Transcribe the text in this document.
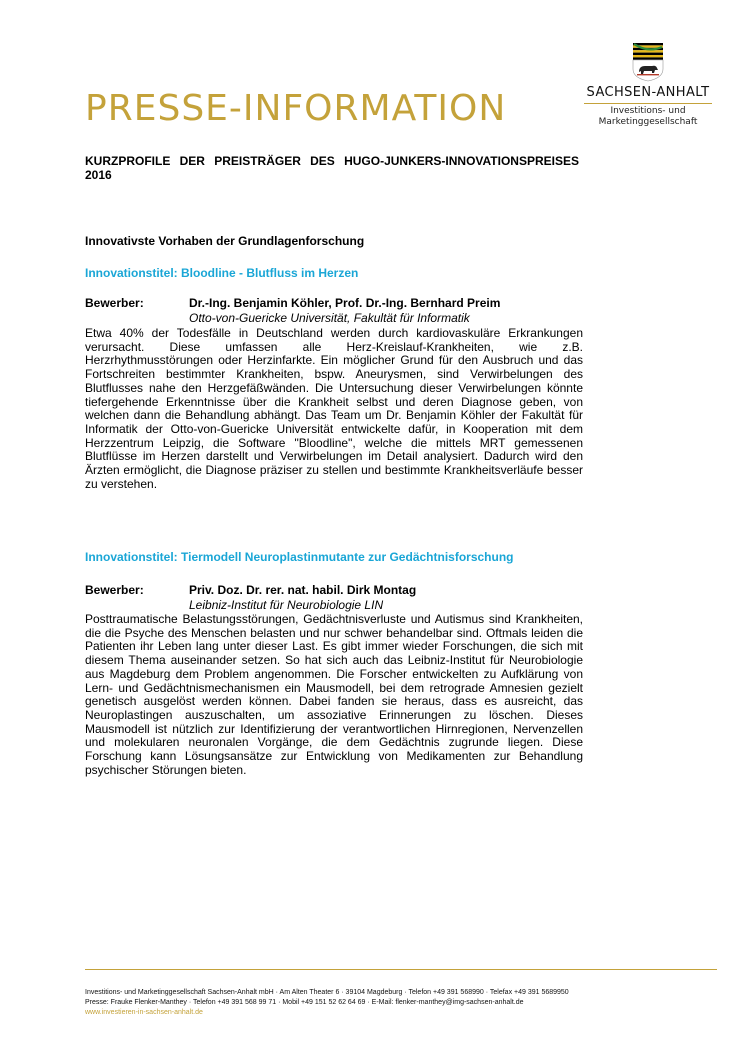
PRESSE-INFORMATION	SACHSEN-ANHALT
Investitions- und
Marketinggesellschaft
KURZPROFILE DER PREISTRÄGER DES HUGO-JUNKERS-INNOVATIONSPREISES 2016
Innovativste Vorhaben der Grundlagenforschung
Innovationstitel: Bloodline - Blutfluss im Herzen
Bewerber:	Dr.-Ing. Benjamin Köhler, Prof. Dr.-Ing. Bernhard Preim
Otto-von-Guericke Universität, Fakultät für Informatik
Etwa 40% der Todesfälle in Deutschland werden durch kardiovaskuläre Erkrankungen verursacht. Diese umfassen alle Herz-Kreislauf-Krankheiten, wie z.B. Herzrhythmusstörungen oder Herzinfarkte. Ein möglicher Grund für den Ausbruch und das Fortschreiten bestimmter Krankheiten, bspw. Aneurysmen, sind Verwirbelungen des Blutflusses nahe den Herzgefäßwänden. Die Untersuchung dieser Verwirbelungen könnte tiefergehende Erkenntnisse über die Krankheit selbst und deren Diagnose geben, von welchen dann die Behandlung abhängt. Das Team um Dr. Benjamin Köhler der Fakultät für Informatik der Otto-von-Guericke Universität entwickelte dafür, in Kooperation mit dem Herzzentrum Leipzig, die Software "Bloodline", welche die mittels MRT gemessenen Blutflüsse im Herzen darstellt und Verwirbelungen im Detail analysiert. Dadurch wird den Ärzten ermöglicht, die Diagnose präziser zu stellen und bestimmte Krankheitsverläufe besser zu verstehen.
Innovationstitel: Tiermodell Neuroplastinmutante zur Gedächtnisforschung
Bewerber:	Priv. Doz. Dr. rer. nat. habil. Dirk Montag
Leibniz-Institut für Neurobiologie LIN
Posttraumatische Belastungsstörungen, Gedächtnisverluste und Autismus sind Krankheiten, die die Psyche des Menschen belasten und nur schwer behandelbar sind. Oftmals leiden die Patienten ihr Leben lang unter dieser Last. Es gibt immer wieder Forschungen, die sich mit diesem Thema auseinander setzen. So hat sich auch das Leibniz-Institut für Neurobiologie aus Magdeburg dem Problem angenommen. Die Forscher entwickelten zu Aufklärung von Lern- und Gedächtnismechanismen ein Mausmodell, bei dem retrograde Amnesien gezielt genetisch ausgelöst werden können. Dabei fanden sie heraus, dass es ausreicht, das Neuroplastingen auszuschalten, um assoziative Erinnerungen zu löschen. Dieses Mausmodell ist nützlich zur Identifizierung der verantwortlichen Hirnregionen, Nervenzellen und molekularen neuronalen Vorgänge, die dem Gedächtnis zugrunde liegen. Diese Forschung kann Lösungsansätze zur Entwicklung von Medikamenten zur Behandlung psychischer Störungen bieten.
Investitions- und Marketinggesellschaft Sachsen-Anhalt mbH · Am Alten Theater 6 · 39104 Magdeburg · Telefon +49 391 568990 · Telefax +49 391 5689950
Presse: Frauke Flenker-Manthey · Telefon +49 391 568 99 71 · Mobil +49 151 52 62 64 69 · E-Mail: flenker-manthey@img-sachsen-anhalt.de
www.investieren-in-sachsen-anhalt.de
